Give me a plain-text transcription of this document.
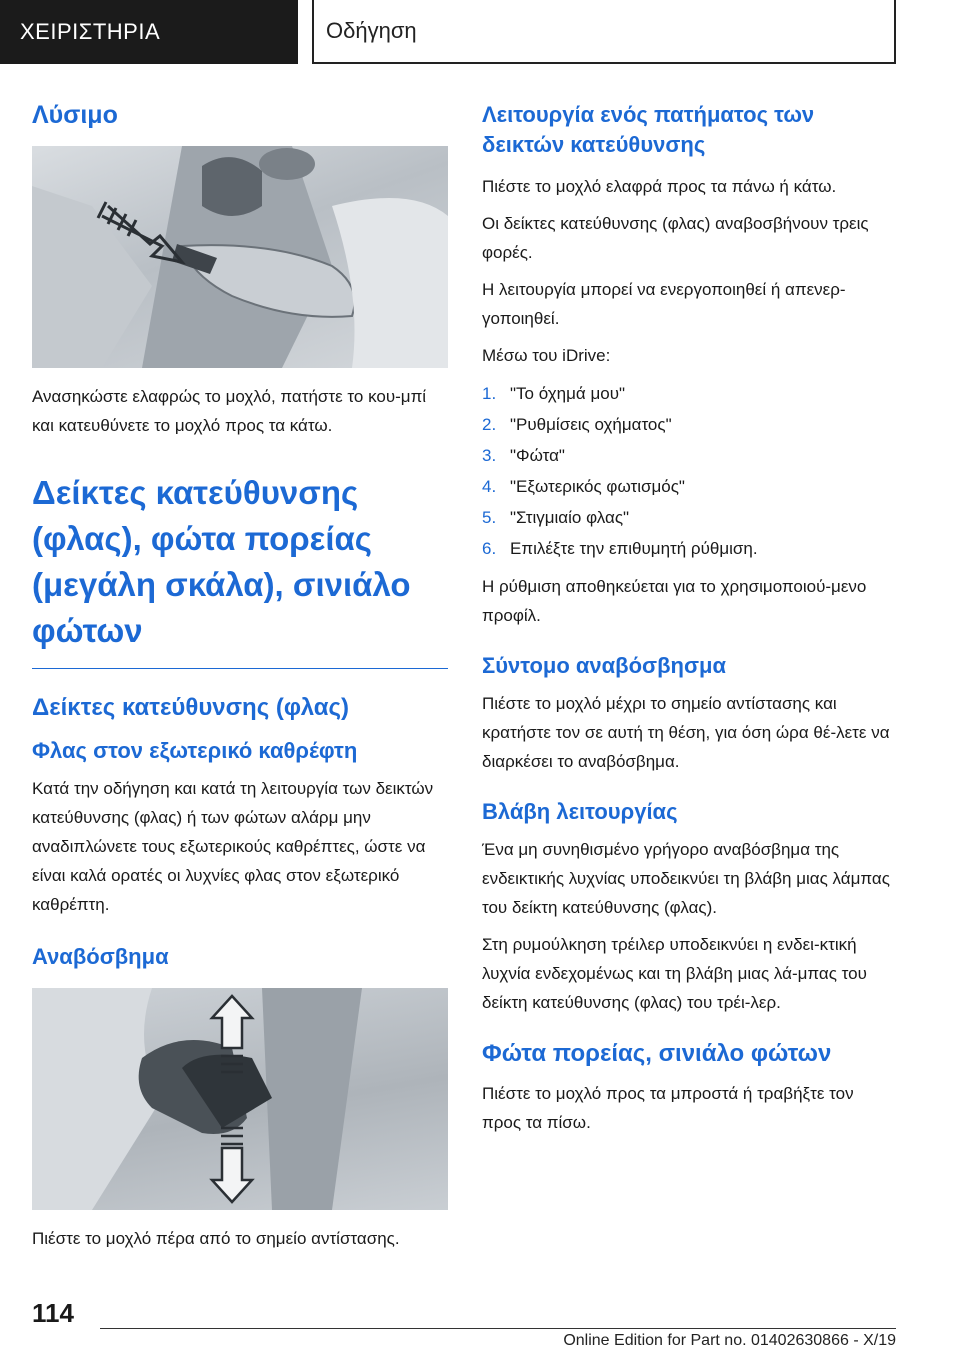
ΧΕΙΡΙΣΤΗΡΙΑ	Οδήγηση
Λύσιμο

Ανασηκώστε ελαφρώς το μοχλό, πατήστε το κου-μπί και κατευθύνετε το μοχλό προς τα κάτω.

Δείκτες κατεύθυνσης (φλας), φώτα πορείας (μεγάλη σκάλα), σινιάλο φώτων
Δείκτες κατεύθυνσης (φλας)
Φλας στον εξωτερικό καθρέφτη

Κατά την οδήγηση και κατά τη λειτουργία των δεικτών κατεύθυνσης (φλας) ή των φώτων αλάρμ μην αναδιπλώνετε τους εξωτερικούς καθρέπτες, ώστε να είναι καλά ορατές οι λυχνίες φλας στον εξωτερικό καθρέπτη.

Αναβόσβημα

Πιέστε το μοχλό πέρα από το σημείο αντίστασης.

Λειτουργία ενός πατήματος των δεικτών κατεύθυνσης

Πιέστε το μοχλό ελαφρά προς τα πάνω ή κάτω.

Οι δείκτες κατεύθυνσης (φλας) αναβοσβήνουν τρεις φορές.

Η λειτουργία μπορεί να ενεργοποιηθεί ή απενερ-γοποιηθεί.

Μέσω του iDrive:

1. "Το όχημά μου"
2. "Ρυθμίσεις οχήματος"
3. "Φώτα"
4. "Εξωτερικός φωτισμός"
5. "Στιγμιαίο φλας"
6. Επιλέξτε την επιθυμητή ρύθμιση.

Η ρύθμιση αποθηκεύεται για το χρησιμοποιού-μενο προφίλ.

Σύντομο αναβόσβησμα

Πιέστε το μοχλό μέχρι το σημείο αντίστασης και κρατήστε τον σε αυτή τη θέση, για όση ώρα θέ-λετε να διαρκέσει το αναβόσβημα.

Βλάβη λειτουργίας

Ένα μη συνηθισμένο γρήγορο αναβόσβημα της ενδεικτικής λυχνίας υποδεικνύει τη βλάβη μιας λάμπας του δείκτη κατεύθυνσης (φλας).

Στη ρυμούλκηση τρέιλερ υποδεικνύει η ενδει-κτική λυχνία ενδεχομένως και τη βλάβη μιας λά-μπας του δείκτη κατεύθυνσης (φλας) του τρέι-λερ.

Φώτα πορείας, σινιάλο φώτων

Πιέστε το μοχλό προς τα μπροστά ή τραβήξτε τον προς τα πίσω.

114
Online Edition for Part no. 01402630866 - X/19
